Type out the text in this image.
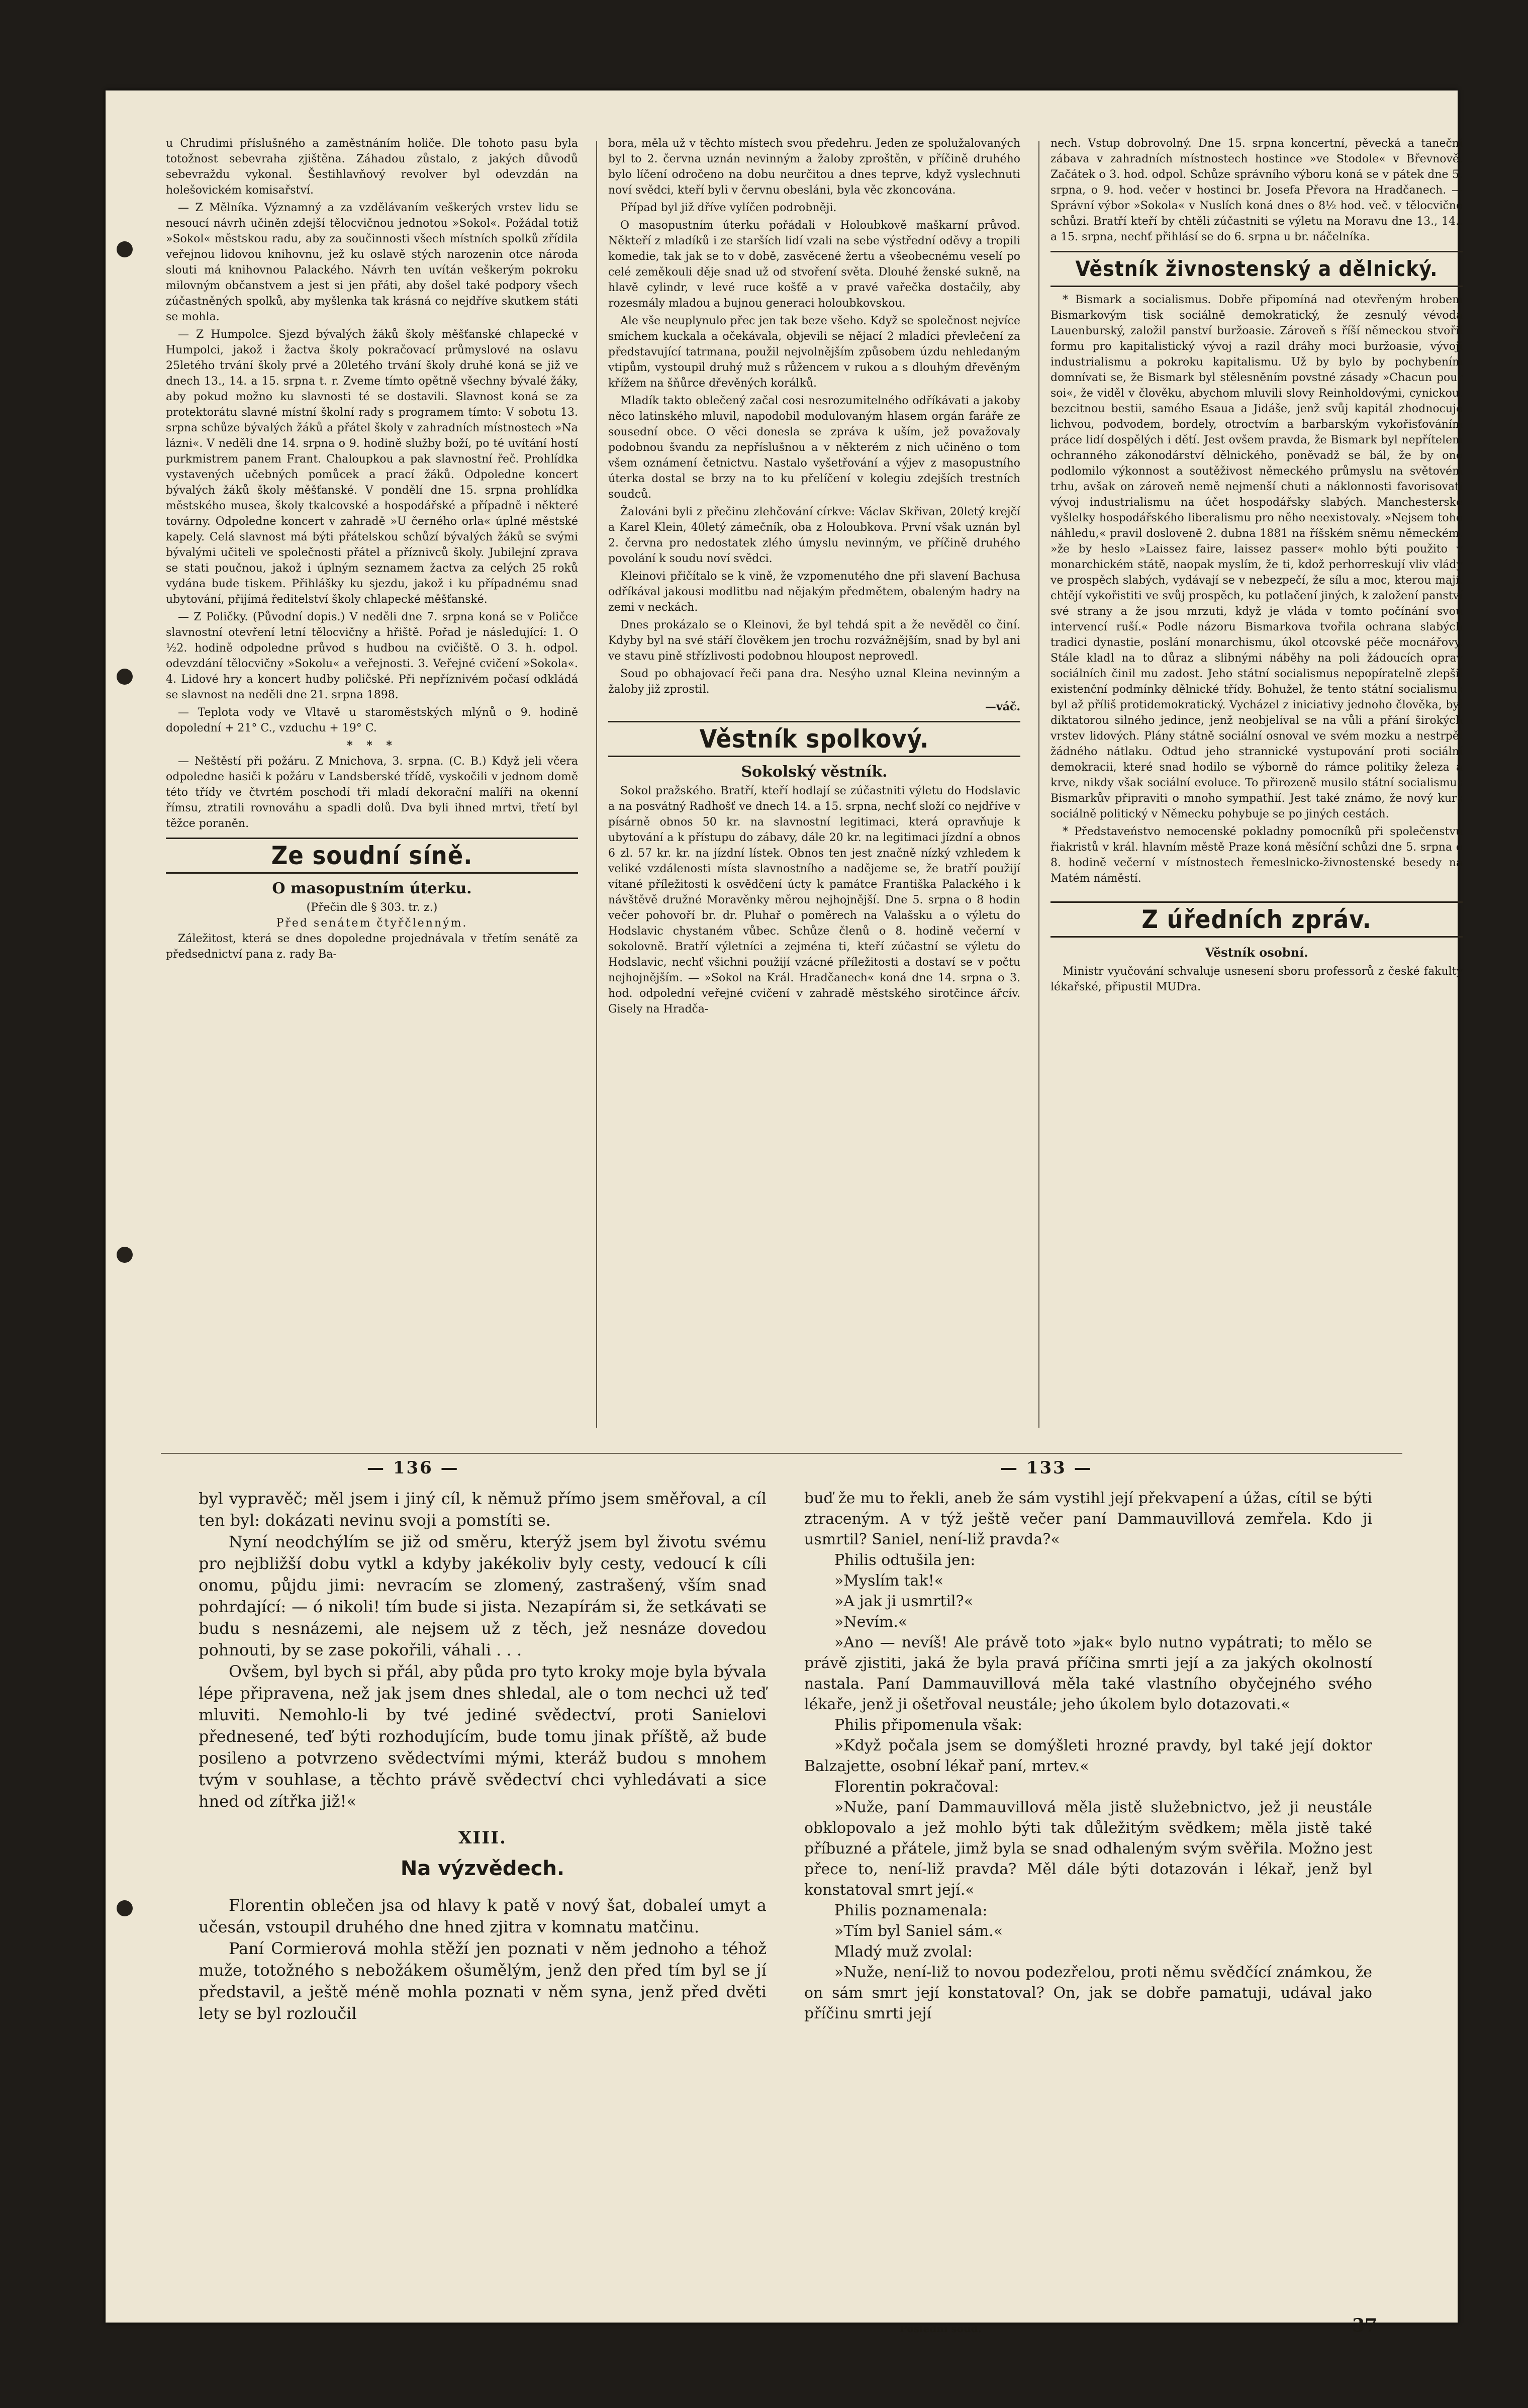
u Chrudimi příslušného a zaměstnáním holiče. Dle tohoto pasu byla totožnost sebevraha zjištěna. Záhadou zůstalo, z jakých důvodů sebevraždu vykonal. Šestihlavňový revolver byl odevzdán na holešovickém komisařství.

— Z Mělníka. Významný a za vzdělávaním veškerých vrstev lidu se nesoucí návrh učiněn zdejší tělocvičnou jednotou »Sokol«. Požádal totiž »Sokol« městskou radu, aby za součinnosti všech místních spolků zřídila veřejnou lidovou knihovnu, jež ku oslavě stých narozenin otce národa slouti má knihovnou Palackého. Návrh ten uvítán veškerým pokroku milovným občanstvem a jest si jen přáti, aby došel také podpory všech zúčastněných spolků, aby myšlenka tak krásná co nejdříve skutkem státi se mohla.

— Z Humpolce. Sjezd bývalých žáků školy měšťanské chlapecké v Humpolci, jakož i žactva školy pokračovací průmyslové na oslavu 25letého trvání školy prvé a 20letého trvání školy druhé koná se již ve dnech 13., 14. a 15. srpna t. r. Zveme tímto opětně všechny bývalé žáky, aby pokud možno ku slavnosti té se dostavili. Slavnost koná se za protektorátu slavné místní školní rady s programem tímto: V sobotu 13. srpna schůze bývalých žáků a přátel školy v zahradních místnostech »Na lázni«. V neděli dne 14. srpna o 9. hodině služby boží, po té uvítání hostí purkmistrem panem Frant. Chaloupkou a pak slavnostní řeč. Prohlídka vystavených učebných pomůcek a prací žáků. Odpoledne koncert bývalých žáků školy měšťanské. V pondělí dne 15. srpna prohlídka městského musea, školy tkalcovské a hospodářské a případně i některé továrny. Odpoledne koncert v zahradě »U černého orla« úplné městské kapely. Celá slavnost má býti přátelskou schůzí bývalých žáků se svými bývalými učiteli ve společnosti přátel a příznivců školy. Jubilejní zprava se stati poučnou, jakož i úplným seznamem žactva za celých 25 roků vydána bude tiskem. Přihlášky ku sjezdu, jakož i ku případnému snad ubytování, přijímá ředitelství školy chlapecké měšťanské.

— Z Poličky. (Původní dopis.) V neděli dne 7. srpna koná se v Poličce slavnostní otevření letní tělocvičny a hřiště. Pořad je následující: 1. O ½2. hodině odpoledne průvod s hudbou na cvičiště. O 3. h. odpol. odevzdání tělocvičny »Sokolu« a veřejnosti. 3. Veřejné cvičení »Sokola«. 4. Lidové hry a koncert hudby poličské. Při nepříznivém počasí odkládá se slavnost na neděli dne 21. srpna 1898.

— Teplota vody ve Vltavě u staroměstských mlýnů o 9. hodině dopolední + 21° C., vzduchu + 19° C.

* * *

— Neštěstí při požáru. Z Mnichova, 3. srpna. (C. B.) Když jeli včera odpoledne hasiči k požáru v Landsberské třídě, vyskočili v jednom domě této třídy ve čtvrtém poschodí tři mladí dekorační malíři na okenní římsu, ztratili rovnováhu a spadli dolů. Dva byli ihned mrtvi, třetí byl těžce poraněn.

Ze soudní síně.
O masopustním úterku.
(Přečin dle § 303. tr. z.)
Před senátem čtyřčlenným.

Záležitost, která se dnes dopoledne projednávala v třetím senátě za předsednictví pana z. rady Ba-

bora, měla už v těchto místech svou předehru. Jeden ze spolužalovaných byl to 2. června uznán nevinným a žaloby zproštěn, v příčině druhého bylo líčení odročeno na dobu neurčitou a dnes teprve, když vyslechnuti noví svědci, kteří byli v červnu obesláni, byla věc zkoncována.

Případ byl již dříve vylíčen podrobněji.

O masopustním úterku pořádali v Holoubkově maškarní průvod. Někteří z mladíků i ze starších lidí vzali na sebe výstřední oděvy a tropili komedie, tak jak se to v době, zasvěcené žertu a všeobecnému veselí po celé zeměkouli děje snad už od stvoření světa. Dlouhé ženské sukně, na hlavě cylindr, v levé ruce košťě a v pravé vařečka dostačily, aby rozesmály mladou a bujnou generaci holoubkovskou.

Ale vše neuplynulo přec jen tak beze všeho. Když se společnost nejvíce smíchem kuckala a očekávala, objevili se nějací 2 mladíci převlečení za představující tatrmana, použil nejvolnějším způsobem úzdu nehledaným vtipům, vystoupil druhý muž s růžencem v rukou a s dlouhým dřevěným křížem na šňůrce dřevěných korálků.

Mladík takto oblečený začal cosi nesrozumitelného odříkávati a jakoby něco latinského mluvil, napodobil modulovaným hlasem orgán faráře ze sousední obce. O věci donesla se zpráva k uším, jež považovaly podobnou švandu za nepříslušnou a v některém z nich učiněno o tom všem oznámení četnictvu. Nastalo vyšetřování a výjev z masopustního úterka dostal se brzy na to ku přelíčení v kolegiu zdejších trestních soudců.

Žalováni byli z přečinu zlehčování církve: Václav Skřivan, 20letý krejčí a Karel Klein, 40letý zámečník, oba z Holoubkova. První však uznán byl 2. června pro nedostatek zlého úmyslu nevinným, ve příčině druhého povolání k soudu noví svědci.

Kleinovi přičítalo se k vině, že vzpomenutého dne při slavení Bachusa odříkával jakousi modlitbu nad nějakým předmětem, obaleným hadry na zemi v neckách.

Dnes prokázalo se o Kleinovi, že byl tehdá spit a že nevěděl co činí. Kdyby byl na své stáří člověkem jen trochu rozvážnějším, snad by byl ani ve stavu pině střízlivosti podobnou hloupost neprovedl.

Soud po obhajovací řeči pana dra. Nesýho uznal Kleina nevinným a žaloby již zprostil.

—váč.
Věstník spolkový.
Sokolský věstník.

Sokol pražského. Bratří, kteří hodlají se zúčastniti výletu do Hodslavic a na posvátný Radhošť ve dnech 14. a 15. srpna, nechť složí co nejdříve v písárně obnos 50 kr. na slavnostní legitimaci, která opravňuje k ubytování a k přístupu do zábavy, dále 20 kr. na legitimaci jízdní a obnos 6 zl. 57 kr. kr. na jízdní lístek. Obnos ten jest značně nízký vzhledem k veliké vzdálenosti místa slavnostního a nadějeme se, že bratří použijí vítané příležitosti k osvědčení úcty k památce Františka Palackého i k návštěvě družné Moravěnky měrou nejhojnější. Dne 5. srpna o 8 hodin večer pohovoří br. dr. Pluhař o poměrech na Valašsku a o výletu do Hodslavic chystaném vůbec. Schůze členů o 8. hodině večerní v sokolovně. Bratří výletníci a zejména ti, kteří zúčastní se výletu do Hodslavic, nechť všichni použijí vzácné příležitosti a dostaví se v počtu nejhojnějším. — »Sokol na Král. Hradčanech« koná dne 14. srpna o 3. hod. odpolední veřejné cvičení v zahradě městského sirotčince ářcív. Gisely na Hradča-

nech. Vstup dobrovolný. Dne 15. srpna koncertní, pěvecká a taneční zábava v zahradních místnostech hostince »ve Stodole« v Břevnově. Začátek o 3. hod. odpol. Schůze správního výboru koná se v pátek dne 5. srpna, o 9. hod. večer v hostinci br. Josefa Převora na Hradčanech. — Správní výbor »Sokola« v Nuslích koná dnes o 8½ hod. več. v tělocvičně schůzi. Bratří kteří by chtěli zúčastniti se výletu na Moravu dne 13., 14., a 15. srpna, nechť přihlásí se do 6. srpna u br. náčelníka.

Věstník živnostenský a dělnický.

* Bismark a socialismus. Dobře připomíná nad otevřeným hrobem Bismarkovým tisk sociálně demokratický, že zesnulý vévoda Lauenburský, založil panství buržoasie. Zároveň s říší německou stvořil formu pro kapitalistický vývoj a razil dráhy moci buržoasie, vývoji industrialismu a pokroku kapitalismu. Už by bylo by pochybením domnívati se, že Bismark byl stělesněním povstné zásady »Chacun pour soi«, že viděl v člověku, abychom mluvili slovy Reinholdovými, cynickou, bezcitnou bestii, samého Esaua a Jidáše, jenž svůj kapitál zhodnocuje lichvou, podvodem, bordely, otroctvím a barbarským vykořisťováním práce lidí dospělých i dětí. Jest ovšem pravda, že Bismark byl nepřítelem ochranného zákonodárství dělnického, poněvadž se bál, že by ono podlomilo výkonnost a soutěživost německého průmyslu na světovém trhu, avšak on zároveň nemě nejmenší chuti a náklonnosti favorisovati vývoj industrialismu na účet hospodářsky slabých. Manchesterské vyšlelky hospodářského liberalismu pro něho neexistovaly. »Nejsem toho náhledu,« pravil dosloveně 2. dubna 1881 na říšském sněmu německém, »že by heslo »Laissez faire, laissez passer« mohlo býti použito v monarchickém státě, naopak myslím, že ti, kdož perhorreskují vliv vlády ve prospěch slabých, vydávají se v nebezpečí, že sílu a moc, kterou mají, chtějí vykořistiti ve svůj prospěch, ku potlačení jiných, k založení panství své strany a že jsou mrzuti, když je vláda v tomto počínání svou intervencí ruší.« Podle názoru Bismarkova tvořila ochrana slabých tradici dynastie, poslání monarchismu, úkol otcovské péče mocnářovy. Stále kladl na to důraz a slibnými náběhy na poli žádoucích oprav sociálních činil mu zadost. Jeho státní socialismus nepopíratelně zlepšil existenční podmínky dělnické třídy. Bohužel, že tento státní socialismus byl až příliš protidemokratický. Vycházel z iniciativy jednoho člověka, byl diktatorou silného jedince, jenž neobjelíval se na vůli a přání širokých vrstev lidových. Plány státně sociální osnoval ve svém mozku a nestrpěl žádného nátlaku. Odtud jeho strannické vystupování proti sociální demokracii, které snad hodilo se výborně do rámce politiky železa a krve, nikdy však sociální evoluce. To přirozeně musilo státní socialismus Bismarkův připraviti o mnoho sympathií. Jest také známo, že nový kurs sociálně politický v Německu pohybuje se po jiných cestách.

* Představeństvo nemocenské pokladny pomocníků při společenstvu řiakristů v král. hlavním městě Praze koná měsíční schůzi dne 5. srpna o 8. hodině večerní v místnostech řemeslnicko-živnostenské besedy na Matém náměstí.

Z úředních zpráv.
Věstník osobní.

Ministr vyučování schvaluje usnesení sboru professorů z české fakulty lékařské, připustil MUDra.

— 136 —	— 133 —

byl vypravěč; měl jsem i jiný cíl, k němuž přímo jsem směřoval, a cíl ten byl: dokázati nevinu svoji a pomstíti se.

Nyní neodchýlím se již od směru, kterýž jsem byl životu svému pro nejbližší dobu vytkl a kdyby jakékoliv byly cesty, vedoucí k cíli onomu, půjdu jimi: nevracím se zlomený, zastrašený, vším snad pohrdající: — ó nikoli! tím bude si jista. Nezapírám si, že setkávati se budu s nesnázemi, ale nejsem už z těch, jež nesnáze dovedou pohnouti, by se zase pokořili, váhali . . .

Ovšem, byl bych si přál, aby půda pro tyto kroky moje byla bývala lépe připravena, než jak jsem dnes shledal, ale o tom nechci už teď mluviti. Nemohlo-li by tvé jediné svědectví, proti Sanielovi přednesené, teď býti rozhodujícím, bude tomu jinak příště, až bude posileno a potvrzeno svědectvími mými, kteráž budou s mnohem tvým v souhlase, a těchto právě svědectví chci vyhledávati a sice hned od zítřka již!«

XIII.
Na výzvědech.

Florentin oblečen jsa od hlavy k patě v nový šat, dobaleí umyt a učesán, vstoupil druhého dne hned zjitra v komnatu matčinu.

Paní Cormierová mohla stěží jen poznati v něm jednoho a téhož muže, totožného s nebožákem ošumělým, jenž den před tím byl se jí představil, a ještě méně mohla poznati v něm syna, jenž před dvěti lety se byl rozloučil

buď že mu to řekli, aneb že sám vystihl její překvapení a úžas, cítil se býti ztraceným. A v týž ještě večer paní Dammauvillová zemřela. Kdo ji usmrtil? Saniel, není-liž pravda?«

Philis odtušila jen:

»Myslím tak!«

»A jak ji usmrtil?«

»Nevím.«

»Ano — nevíš! Ale právě toto »jak« bylo nutno vypátrati; to mělo se právě zjistiti, jaká že byla pravá příčina smrti její a za jakých okolností nastala. Paní Dammauvillová měla také vlastního obyčejného svého lékaře, jenž ji ošetřoval neustále; jeho úkolem bylo dotazovati.«

Philis připomenula však:

»Když počala jsem se domýšleti hrozné pravdy, byl také její doktor Balzajette, osobní lékař paní, mrtev.«

Florentin pokračoval:

»Nuže, paní Dammauvillová měla jistě služebnictvo, jež ji neustále obklopovalo a jež mohlo býti tak důležitým svědkem; měla jistě také příbuzné a přátele, jimž byla se snad odhaleným svým svěřila. Možno jest přece to, není-liž pravda? Měl dále býti dotazován i lékař, jenž byl konstatoval smrt její.«

Philis poznamenala:

»Tím byl Saniel sám.«

Mladý muž zvolal:

»Nuže, není-liž to novou podezřelou, proti němu svědčící známkou, že on sám smrt její konstatoval? On, jak se dobře pamatuji, udával jako příčinu smrti její

Poslední soud.	37
